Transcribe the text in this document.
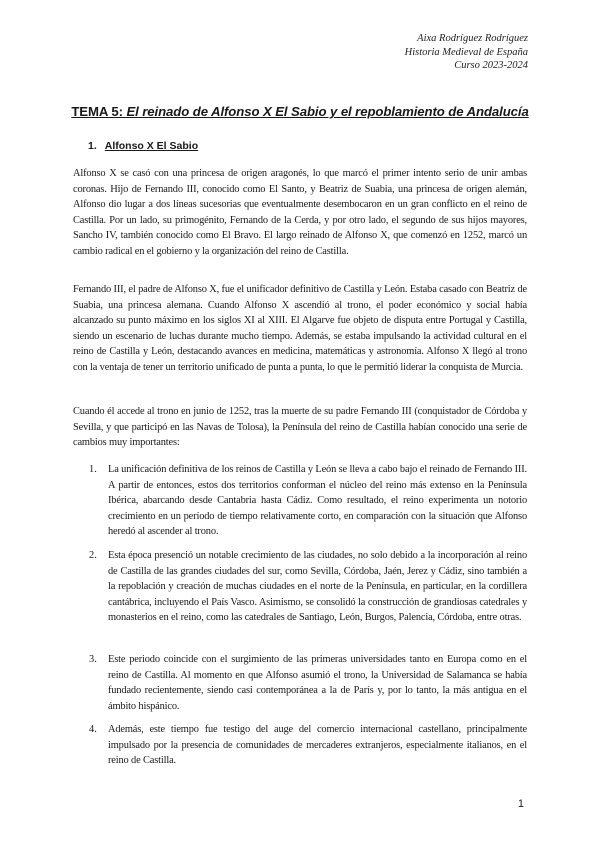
Aixa Rodríguez Rodríguez
Historia Medieval de España
Curso 2023-2024
TEMA 5: El reinado de Alfonso X El Sabio y el repoblamiento de Andalucía
1. Alfonso X El Sabio
Alfonso X se casó con una princesa de origen aragonés, lo que marcó el primer intento serio de unir ambas coronas. Hijo de Fernando III, conocido como El Santo, y Beatriz de Suabia, una princesa de origen alemán, Alfonso dio lugar a dos líneas sucesorias que eventualmente desembocaron en un gran conflicto en el reino de Castilla. Por un lado, su primogénito, Fernando de la Cerda, y por otro lado, el segundo de sus hijos mayores, Sancho IV, también conocido como El Bravo. El largo reinado de Alfonso X, que comenzó en 1252, marcó un cambio radical en el gobierno y la organización del reino de Castilla.
Fernando III, el padre de Alfonso X, fue el unificador definitivo de Castilla y León. Estaba casado con Beatriz de Suabia, una princesa alemana. Cuando Alfonso X ascendió al trono, el poder económico y social había alcanzado su punto máximo en los siglos XI al XIII. El Algarve fue objeto de disputa entre Portugal y Castilla, siendo un escenario de luchas durante mucho tiempo. Además, se estaba impulsando la actividad cultural en el reino de Castilla y León, destacando avances en medicina, matemáticas y astronomía. Alfonso X llegó al trono con la ventaja de tener un territorio unificado de punta a punta, lo que le permitió liderar la conquista de Murcia.
Cuando él accede al trono en junio de 1252, tras la muerte de su padre Fernando III (conquistador de Córdoba y Sevilla, y que participó en las Navas de Tolosa), la Península del reino de Castilla habían conocido una serie de cambios muy importantes:
1. La unificación definitiva de los reinos de Castilla y León se lleva a cabo bajo el reinado de Fernando III. A partir de entonces, estos dos territorios conforman el núcleo del reino más extenso en la Península Ibérica, abarcando desde Cantabria hasta Cádiz. Como resultado, el reino experimenta un notorio crecimiento en un período de tiempo relativamente corto, en comparación con la situación que Alfonso heredó al ascender al trono.
2. Esta época presenció un notable crecimiento de las ciudades, no solo debido a la incorporación al reino de Castilla de las grandes ciudades del sur, como Sevilla, Córdoba, Jaén, Jerez y Cádiz, sino también a la repoblación y creación de muchas ciudades en el norte de la Península, en particular, en la cordillera cantábrica, incluyendo el País Vasco. Asimismo, se consolidó la construcción de grandiosas catedrales y monasterios en el reino, como las catedrales de Santiago, León, Burgos, Palencia, Córdoba, entre otras.
3. Este periodo coincide con el surgimiento de las primeras universidades tanto en Europa como en el reino de Castilla. Al momento en que Alfonso asumió el trono, la Universidad de Salamanca se había fundado recientemente, siendo casi contemporánea a la de París y, por lo tanto, la más antigua en el ámbito hispánico.
4. Además, este tiempo fue testigo del auge del comercio internacional castellano, principalmente impulsado por la presencia de comunidades de mercaderes extranjeros, especialmente italianos, en el reino de Castilla.
1
